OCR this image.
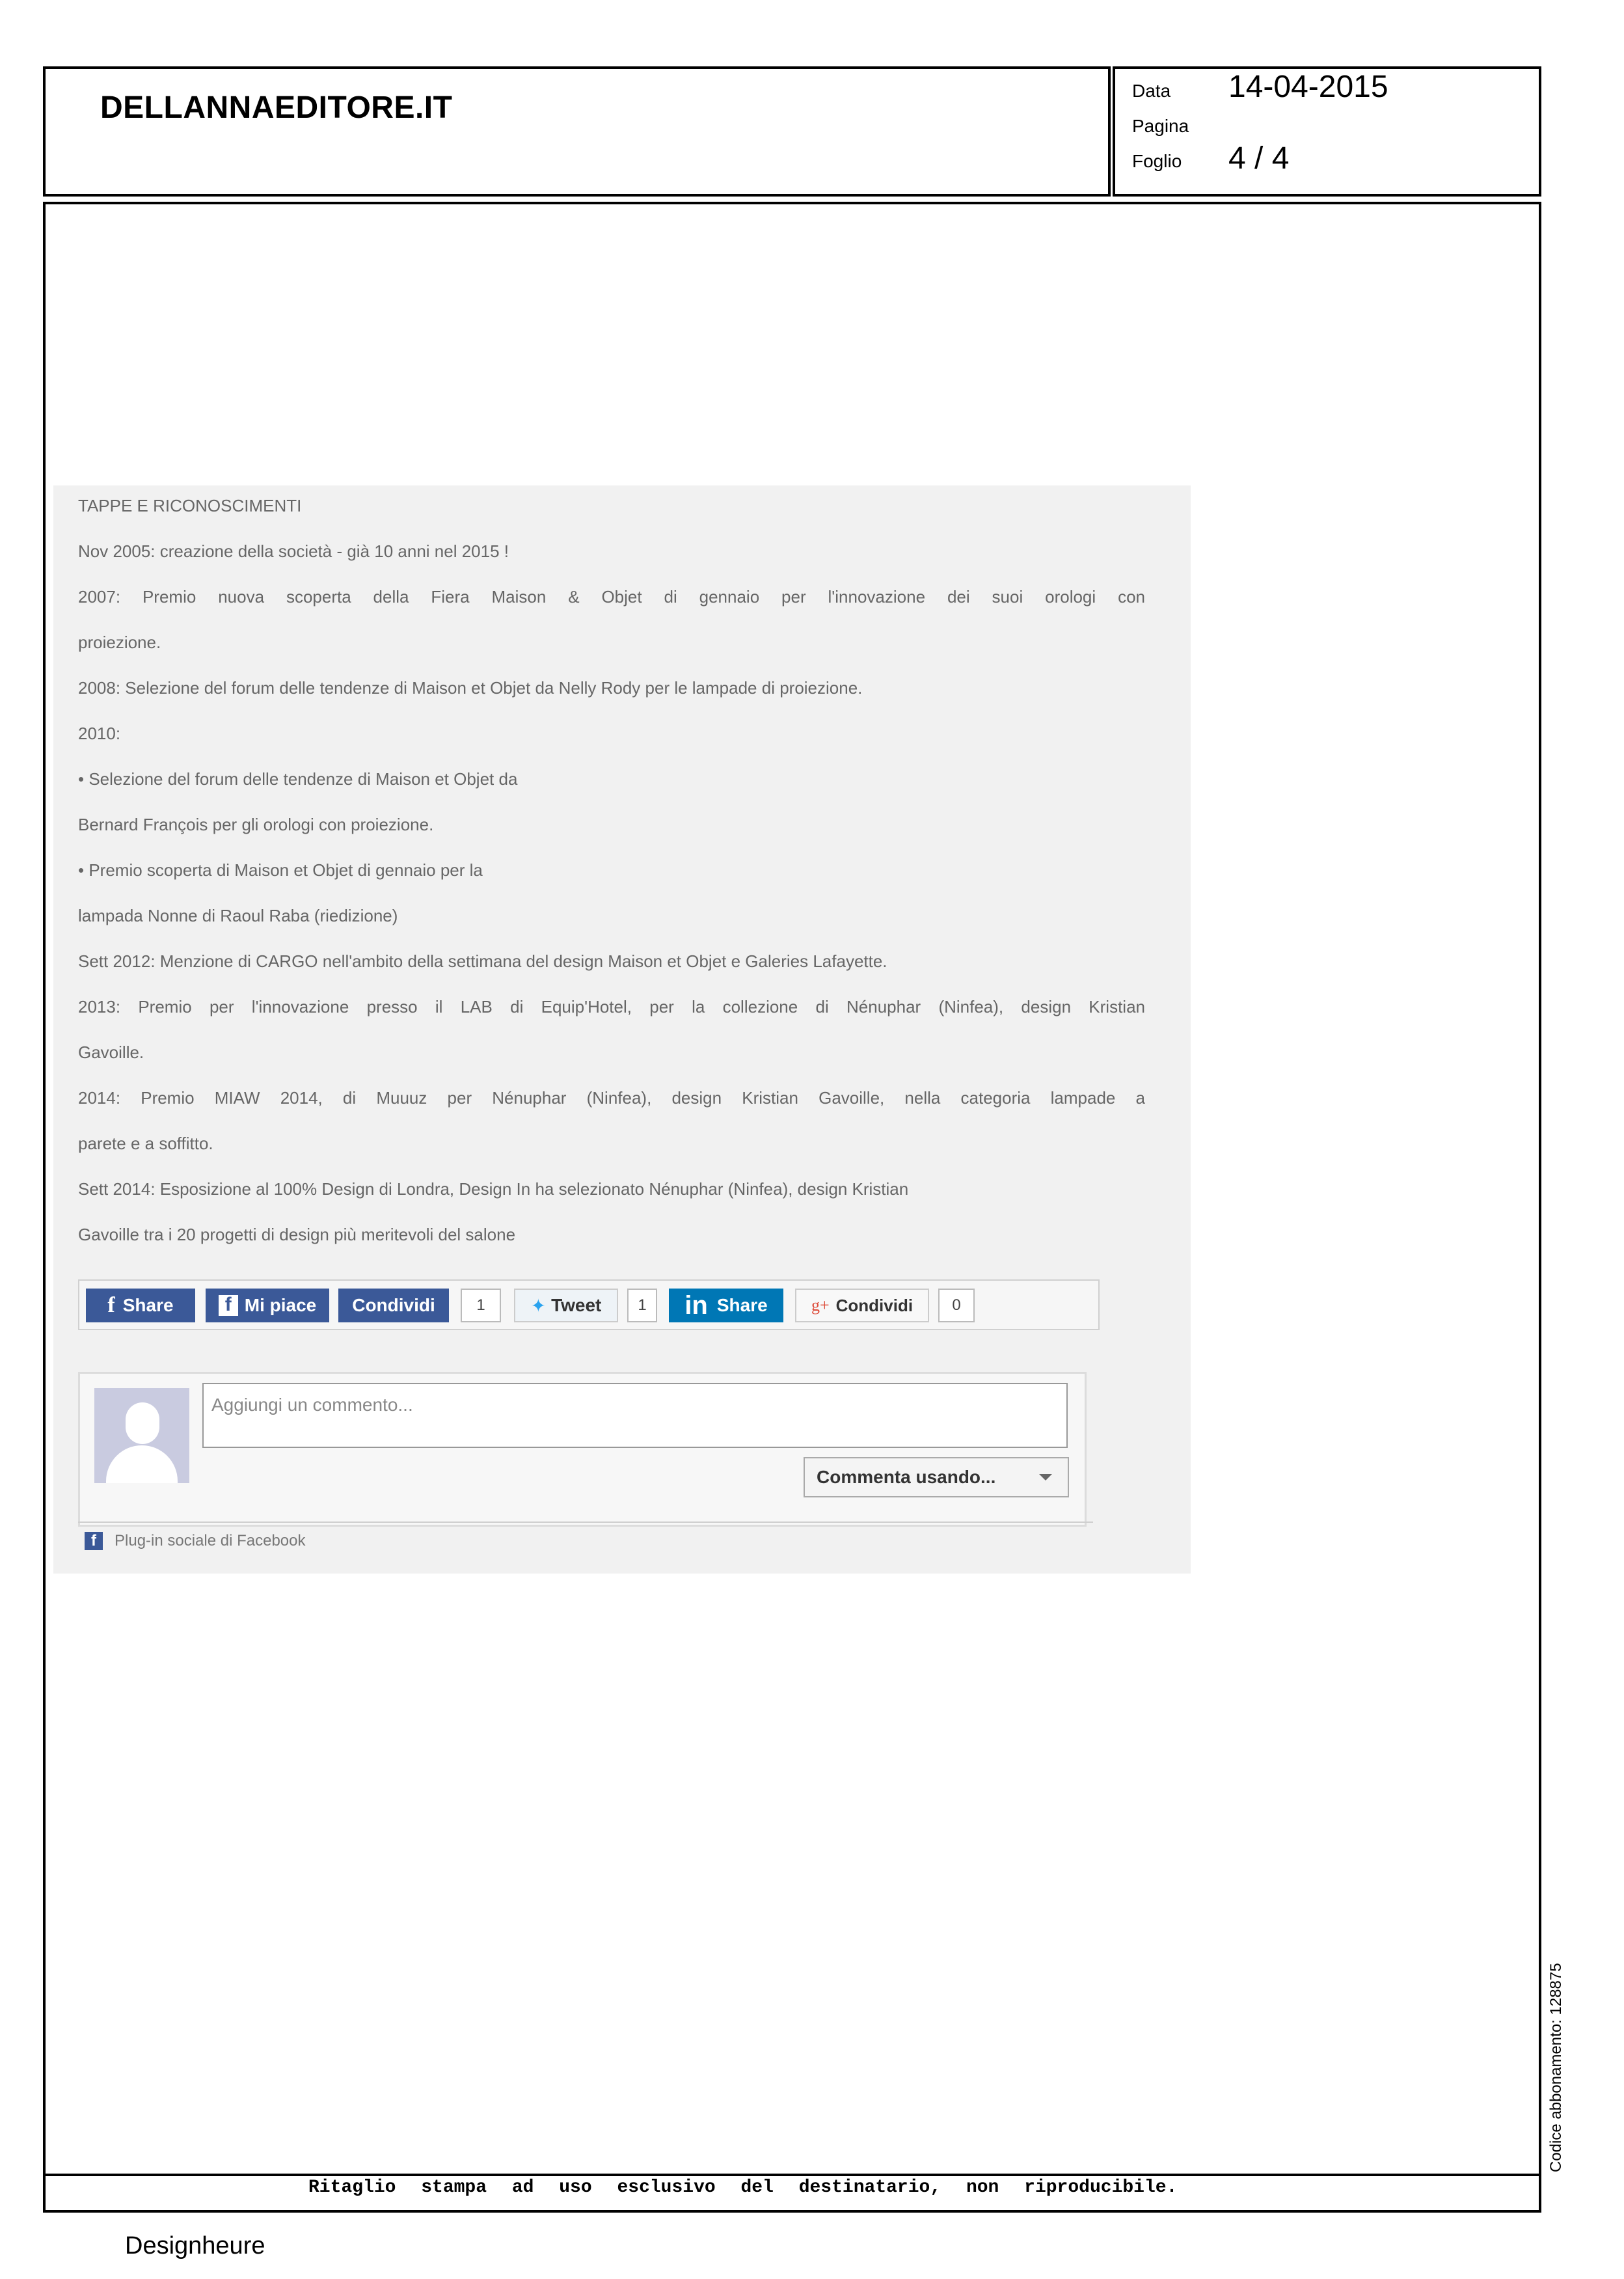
DELLANNAEDITORE.IT	Data 14-04-2015
Pagina
Foglio 4 / 4
TAPPE E RICONOSCIMENTI
Nov 2005: creazione della società - già 10 anni nel 2015 !
2007: Premio nuova scoperta della Fiera Maison & Objet di gennaio per l'innovazione dei suoi orologi con
proiezione.
2008: Selezione del forum delle tendenze di Maison et Objet da Nelly Rody per le lampade di proiezione.
2010:
• Selezione del forum delle tendenze di Maison et Objet da
Bernard François per gli orologi con proiezione.
• Premio scoperta di Maison et Objet di gennaio per la
lampada Nonne di Raoul Raba (riedizione)
Sett 2012: Menzione di CARGO nell'ambito della settimana del design Maison et Objet e Galeries Lafayette.
2013: Premio per l'innovazione presso il LAB di Equip'Hotel, per la collezione di Nénuphar (Ninfea), design Kristian
Gavoille.
2014: Premio MIAW 2014, di Muuuz per Nénuphar (Ninfea), design Kristian Gavoille, nella categoria lampade a
parete e a soffitto.
Sett 2014: Esposizione al 100% Design di Londra, Design In ha selezionato Nénuphar (Ninfea), design Kristian
Gavoille tra i 20 progetti di design più meritevoli del salone
f Share	f Mi piace	Condividi	1	✦ Tweet	1	in Share	g+ Condividi	0
Aggiungi un commento...
Commenta usando...
f	Plug-in sociale di Facebook
Ritaglio stampa ad uso esclusivo del destinatario, non riproducibile.
Codice abbonamento: 128875
Designheure
